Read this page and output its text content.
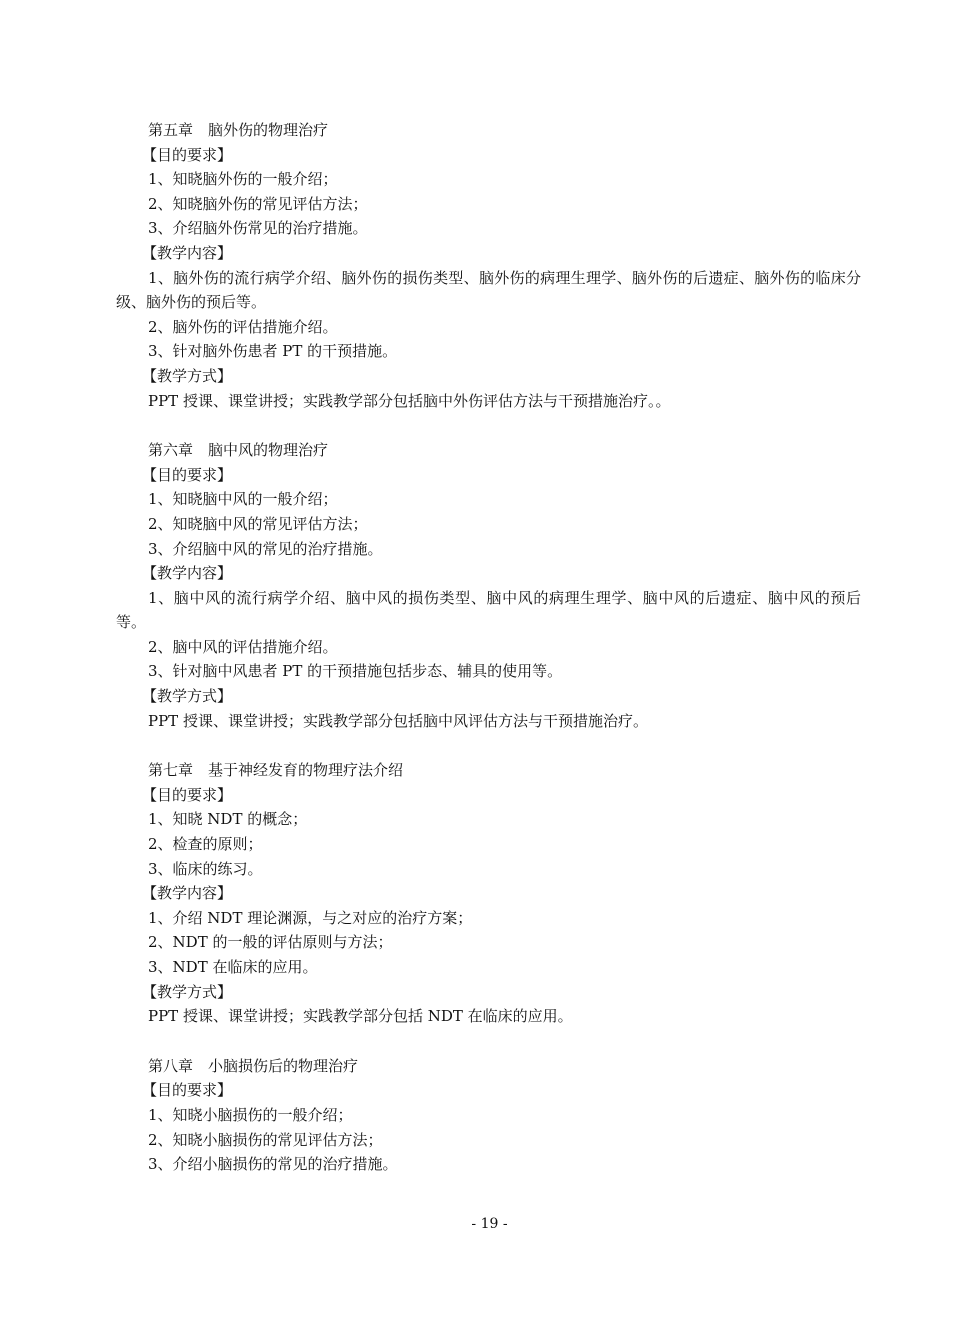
第五章　脑外伤的物理治疗

【目的要求】

1、知晓脑外伤的一般介绍；

2、知晓脑外伤的常见评估方法；

3、介绍脑外伤常见的治疗措施。

【教学内容】

1、脑外伤的流行病学介绍、脑外伤的损伤类型、脑外伤的病理生理学、脑外伤的后遗症、脑外伤的临床分级、脑外伤的预后等。

2、脑外伤的评估措施介绍。

3、针对脑外伤患者 PT 的干预措施。

【教学方式】

PPT 授课、课堂讲授；实践教学部分包括脑中外伤评估方法与干预措施治疗。。

第六章　脑中风的物理治疗

【目的要求】

1、知晓脑中风的一般介绍；

2、知晓脑中风的常见评估方法；

3、介绍脑中风的常见的治疗措施。

【教学内容】

1、脑中风的流行病学介绍、脑中风的损伤类型、脑中风的病理生理学、脑中风的后遗症、脑中风的预后等。

2、脑中风的评估措施介绍。

3、针对脑中风患者 PT 的干预措施包括步态、辅具的使用等。

【教学方式】

PPT 授课、课堂讲授；实践教学部分包括脑中风评估方法与干预措施治疗。

第七章　基于神经发育的物理疗法介绍

【目的要求】

1、知晓 NDT 的概念；

2、检查的原则；

3、临床的练习。

【教学内容】

1、介绍 NDT 理论渊源，与之对应的治疗方案；

2、NDT 的一般的评估原则与方法；

3、NDT 在临床的应用。

【教学方式】

PPT 授课、课堂讲授；实践教学部分包括 NDT 在临床的应用。

第八章　小脑损伤后的物理治疗

【目的要求】

1、知晓小脑损伤的一般介绍；

2、知晓小脑损伤的常见评估方法；

3、介绍小脑损伤的常见的治疗措施。

- 19 -
